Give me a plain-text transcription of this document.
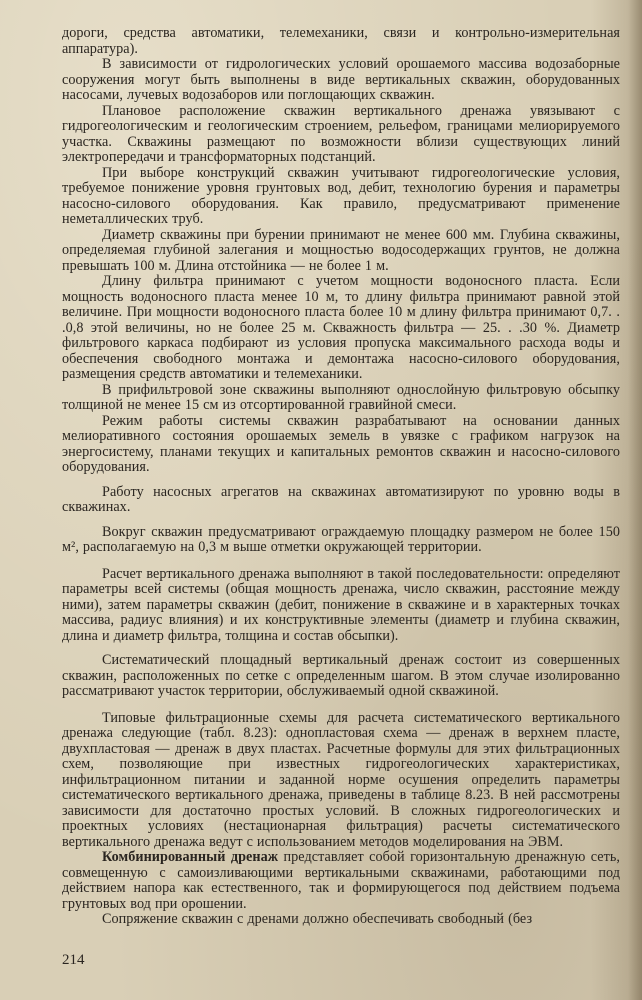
дороги, средства автоматики, телемеханики, связи и контрольно-измерительная аппаратура).

В зависимости от гидрологических условий орошаемого массива водозаборные сооружения могут быть выполнены в виде вертикальных скважин, оборудованных насосами, лучевых водозаборов или поглощающих скважин.

Плановое расположение скважин вертикального дренажа увязывают с гидрогеологическим и геологическим строением, рельефом, границами мелиорируемого участка. Скважины размещают по возможности вблизи существующих линий электропередачи и трансформаторных подстанций.

При выборе конструкций скважин учитывают гидрогеологические условия, требуемое понижение уровня грунтовых вод, дебит, технологию бурения и параметры насосно-силового оборудования. Как правило, предусматривают применение неметаллических труб.

Диаметр скважины при бурении принимают не менее 600 мм. Глубина скважины, определяемая глубиной залегания и мощностью водосодержащих грунтов, не должна превышать 100 м. Длина отстойника — не более 1 м.

Длину фильтра принимают с учетом мощности водоносного пласта. Если мощность водоносного пласта менее 10 м, то длину фильтра принимают равной этой величине. При мощности водоносного пласта более 10 м длину фильтра принимают 0,7. . .0,8 этой величины, но не более 25 м. Скважность фильтра — 25. . .30 %. Диаметр фильтрового каркаса подбирают из условия пропуска максимального расхода воды и обеспечения свободного монтажа и демонтажа насосно-силового оборудования, размещения средств автоматики и телемеханики.

В прифильтровой зоне скважины выполняют однослойную фильтровую обсыпку толщиной не менее 15 см из отсортированной гравийной смеси.

Режим работы системы скважин разрабатывают на основании данных мелиоративного состояния орошаемых земель в увязке с графиком нагрузок на энергосистему, планами текущих и капитальных ремонтов скважин и насосно-силового оборудования.

Работу насосных агрегатов на скважинах автоматизируют по уровню воды в скважинах.

Вокруг скважин предусматривают ограждаемую площадку размером не более 150 м², располагаемую на 0,3 м выше отметки окружающей территории.

Расчет вертикального дренажа выполняют в такой последовательности: определяют параметры всей системы (общая мощность дренажа, число скважин, расстояние между ними), затем параметры скважин (дебит, понижение в скважине и в характерных точках массива, радиус влияния) и их конструктивные элементы (диаметр и глубина скважин, длина и диаметр фильтра, толщина и состав обсыпки).

Систематический площадный вертикальный дренаж состоит из совершенных скважин, расположенных по сетке с определенным шагом. В этом случае изолированно рассматривают участок территории, обслуживаемый одной скважиной.

Типовые фильтрационные схемы для расчета систематического вертикального дренажа следующие (табл. 8.23): однопластовая схема — дренаж в верхнем пласте, двухпластовая — дренаж в двух пластах. Расчетные формулы для этих фильтрационных схем, позволяющие при известных гидрогеологических характеристиках, инфильтрационном питании и заданной норме осушения определить параметры систематического вертикального дренажа, приведены в таблице 8.23. В ней рассмотрены зависимости для достаточно простых условий. В сложных гидрогеологических и проектных условиях (нестационарная фильтрация) расчеты систематического вертикального дренажа ведут с использованием методов моделирования на ЭВМ.

Комбинированный дренаж представляет собой горизонтальную дренажную сеть, совмещенную с самоизливающими вертикальными скважинами, работающими под действием напора как естественного, так и формирующегося под действием подъема грунтовых вод при орошении.

Сопряжение скважин с дренами должно обеспечивать свободный (без

214
